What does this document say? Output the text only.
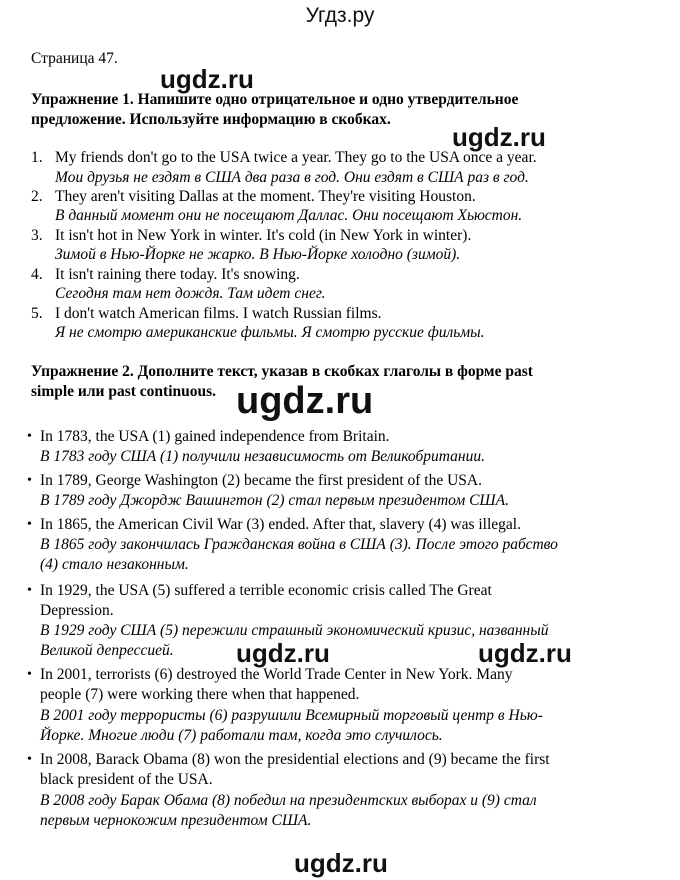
Угдз.ру
Страница 47.
ugdz.ru
ugdz.ru
ugdz.ru
ugdz.ru	ugdz.ru
ugdz.ru
Упражнение 1. Напишите одно отрицательное и одно утвердительное
предложение. Используйте информацию в скобках.
1. My friends don't go to the USA twice a year. They go to the USA once a year.
Мои друзья не ездят в США два раза в год. Они ездят в США раз в год.
2. They aren't visiting Dallas at the moment. They're visiting Houston.
В данный момент они не посещают Даллас. Они посещают Хьюстон.
3. It isn't hot in New York in winter. It's cold (in New York in winter).
Зимой в Нью-Йорке не жарко. В Нью-Йорке холодно (зимой).
4. It isn't raining there today. It's snowing.
Сегодня там нет дождя. Там идет снег.
5. I don't watch American films. I watch Russian films.
Я не смотрю американские фильмы. Я смотрю русские фильмы.
Упражнение 2. Дополните текст, указав в скобках глаголы в форме past
simple или past continuous.
• In 1783, the USA (1) gained independence from Britain.
В 1783 году США (1) получили независимость от Великобритании.
• In 1789, George Washington (2) became the first president of the USA.
В 1789 году Джордж Вашингтон (2) стал первым президентом США.
• In 1865, the American Civil War (3) ended. After that, slavery (4) was illegal.
В 1865 году закончилась Гражданская война в США (3). После этого рабство
(4) стало незаконным.
• In 1929, the USA (5) suffered a terrible economic crisis called The Great
Depression.
В 1929 году США (5) пережили страшный экономический кризис, названный
Великой депрессией.
• In 2001, terrorists (6) destroyed the World Trade Center in New York. Many
people (7) were working there when that happened.
В 2001 году террористы (6) разрушили Всемирный торговый центр в Нью-
Йорке. Многие люди (7) работали там, когда это случилось.
• In 2008, Barack Obama (8) won the presidential elections and (9) became the first
black president of the USA.
В 2008 году Барак Обама (8) победил на президентских выборах и (9) стал
первым чернокожим президентом США.
